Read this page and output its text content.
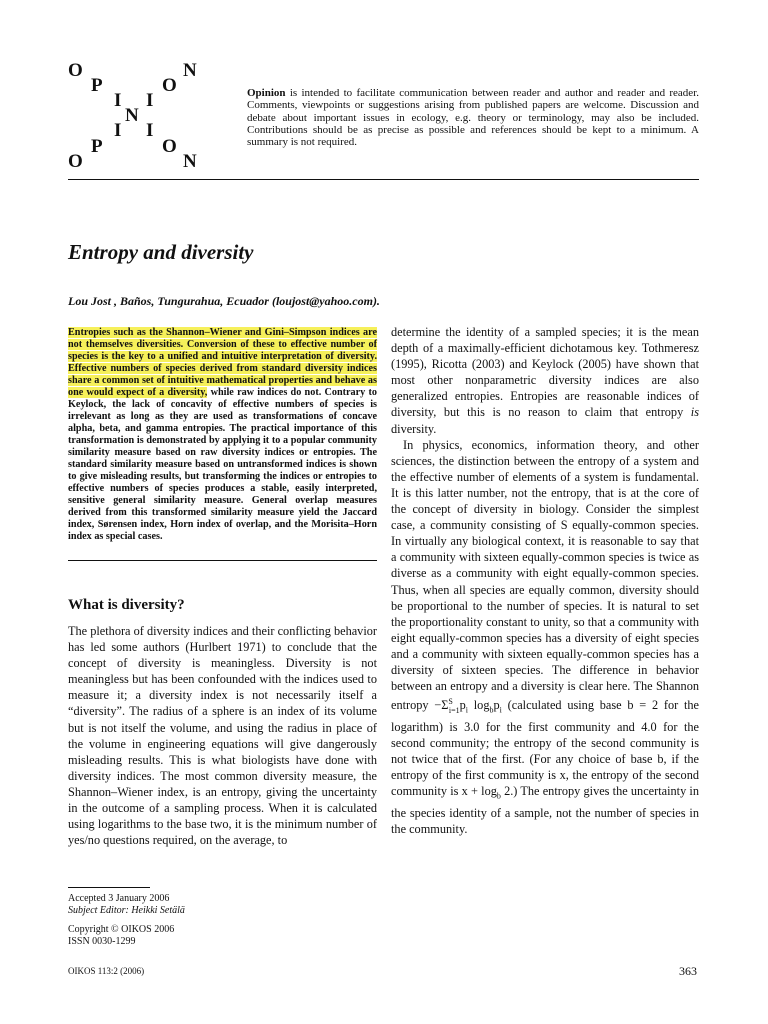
O	N
P	O
I I
N
I I
P	O
O	N
Opinion is intended to facilitate communication between reader and author and reader and reader. Comments, viewpoints or suggestions arising from published papers are welcome. Discussion and debate about important issues in ecology, e.g. theory or terminology, may also be included. Contributions should be as precise as possible and references should be kept to a minimum. A summary is not required.
Entropy and diversity
Lou Jost , Baños, Tungurahua, Ecuador (loujost@yahoo.com).
Entropies such as the Shannon–Wiener and Gini–Simpson indices are not themselves diversities. Conversion of these to effective number of species is the key to a unified and intuitive interpretation of diversity. Effective numbers of species derived from standard diversity indices share a common set of intuitive mathematical properties and behave as one would expect of a diversity, while raw indices do not. Contrary to Keylock, the lack of concavity of effective numbers of species is irrelevant as long as they are used as transformations of concave alpha, beta, and gamma entropies. The practical importance of this transformation is demonstrated by applying it to a popular community similarity measure based on raw diversity indices or entropies. The standard similarity measure based on untransformed indices is shown to give misleading results, but transforming the indices or entropies to effective numbers of species produces a stable, easily interpreted, sensitive general similarity measure. General overlap measures derived from this transformed similarity measure yield the Jaccard index, Sørensen index, Horn index of overlap, and the Morisita–Horn index as special cases.
What is diversity?
The plethora of diversity indices and their conflicting behavior has led some authors (Hurlbert 1971) to conclude that the concept of diversity is meaningless. Diversity is not meaningless but has been confounded with the indices used to measure it; a diversity index is not necessarily itself a “diversity”. The radius of a sphere is an index of its volume but is not itself the volume, and using the radius in place of the volume in engineering equations will give dangerously misleading results. This is what biologists have done with diversity indices. The most common diversity measure, the Shannon–Wiener index, is an entropy, giving the uncertainty in the outcome of a sampling process. When it is calculated using logarithms to the base two, it is the minimum number of yes/no questions required, on the average, to

determine the identity of a sampled species; it is the mean depth of a maximally-efficient dichotamous key. Tothmeresz (1995), Ricotta (2003) and Keylock (2005) have shown that most other nonparametric diversity indices are also generalized entropies. Entropies are reasonable indices of diversity, but this is no reason to claim that entropy is diversity.

In physics, economics, information theory, and other sciences, the distinction between the entropy of a system and the effective number of elements of a system is fundamental. It is this latter number, not the entropy, that is at the core of the concept of diversity in biology. Consider the simplest case, a community consisting of S equally-common species. In virtually any biological context, it is reasonable to say that a community with sixteen equally-common species is twice as diverse as a community with eight equally-common species. Thus, when all species are equally common, diversity should be proportional to the number of species. It is natural to set the proportionality constant to unity, so that a community with eight equally-common species has a diversity of eight species and a community with sixteen equally-common species has a diversity of sixteen species. The difference in behavior between an entropy and a diversity is clear here. The Shannon entropy $-\Sigma^S_{i=1}p_i$ $\log_bp_i$ (calculated using base b = 2 for the logarithm) is 3.0 for the first community and 4.0 for the second community; the entropy of the second community is not twice that of the first. (For any choice of base b, if the entropy of the first community is x, the entropy of the second community is $x + \log_b 2$.) The entropy gives the uncertainty in the species identity of a sample, not the number of species in the community.

Accepted 3 January 2006
Subject Editor: Heikki Setälä
Copyright © OIKOS 2006
ISSN 0030-1299
OIKOS 113:2 (2006)	363
